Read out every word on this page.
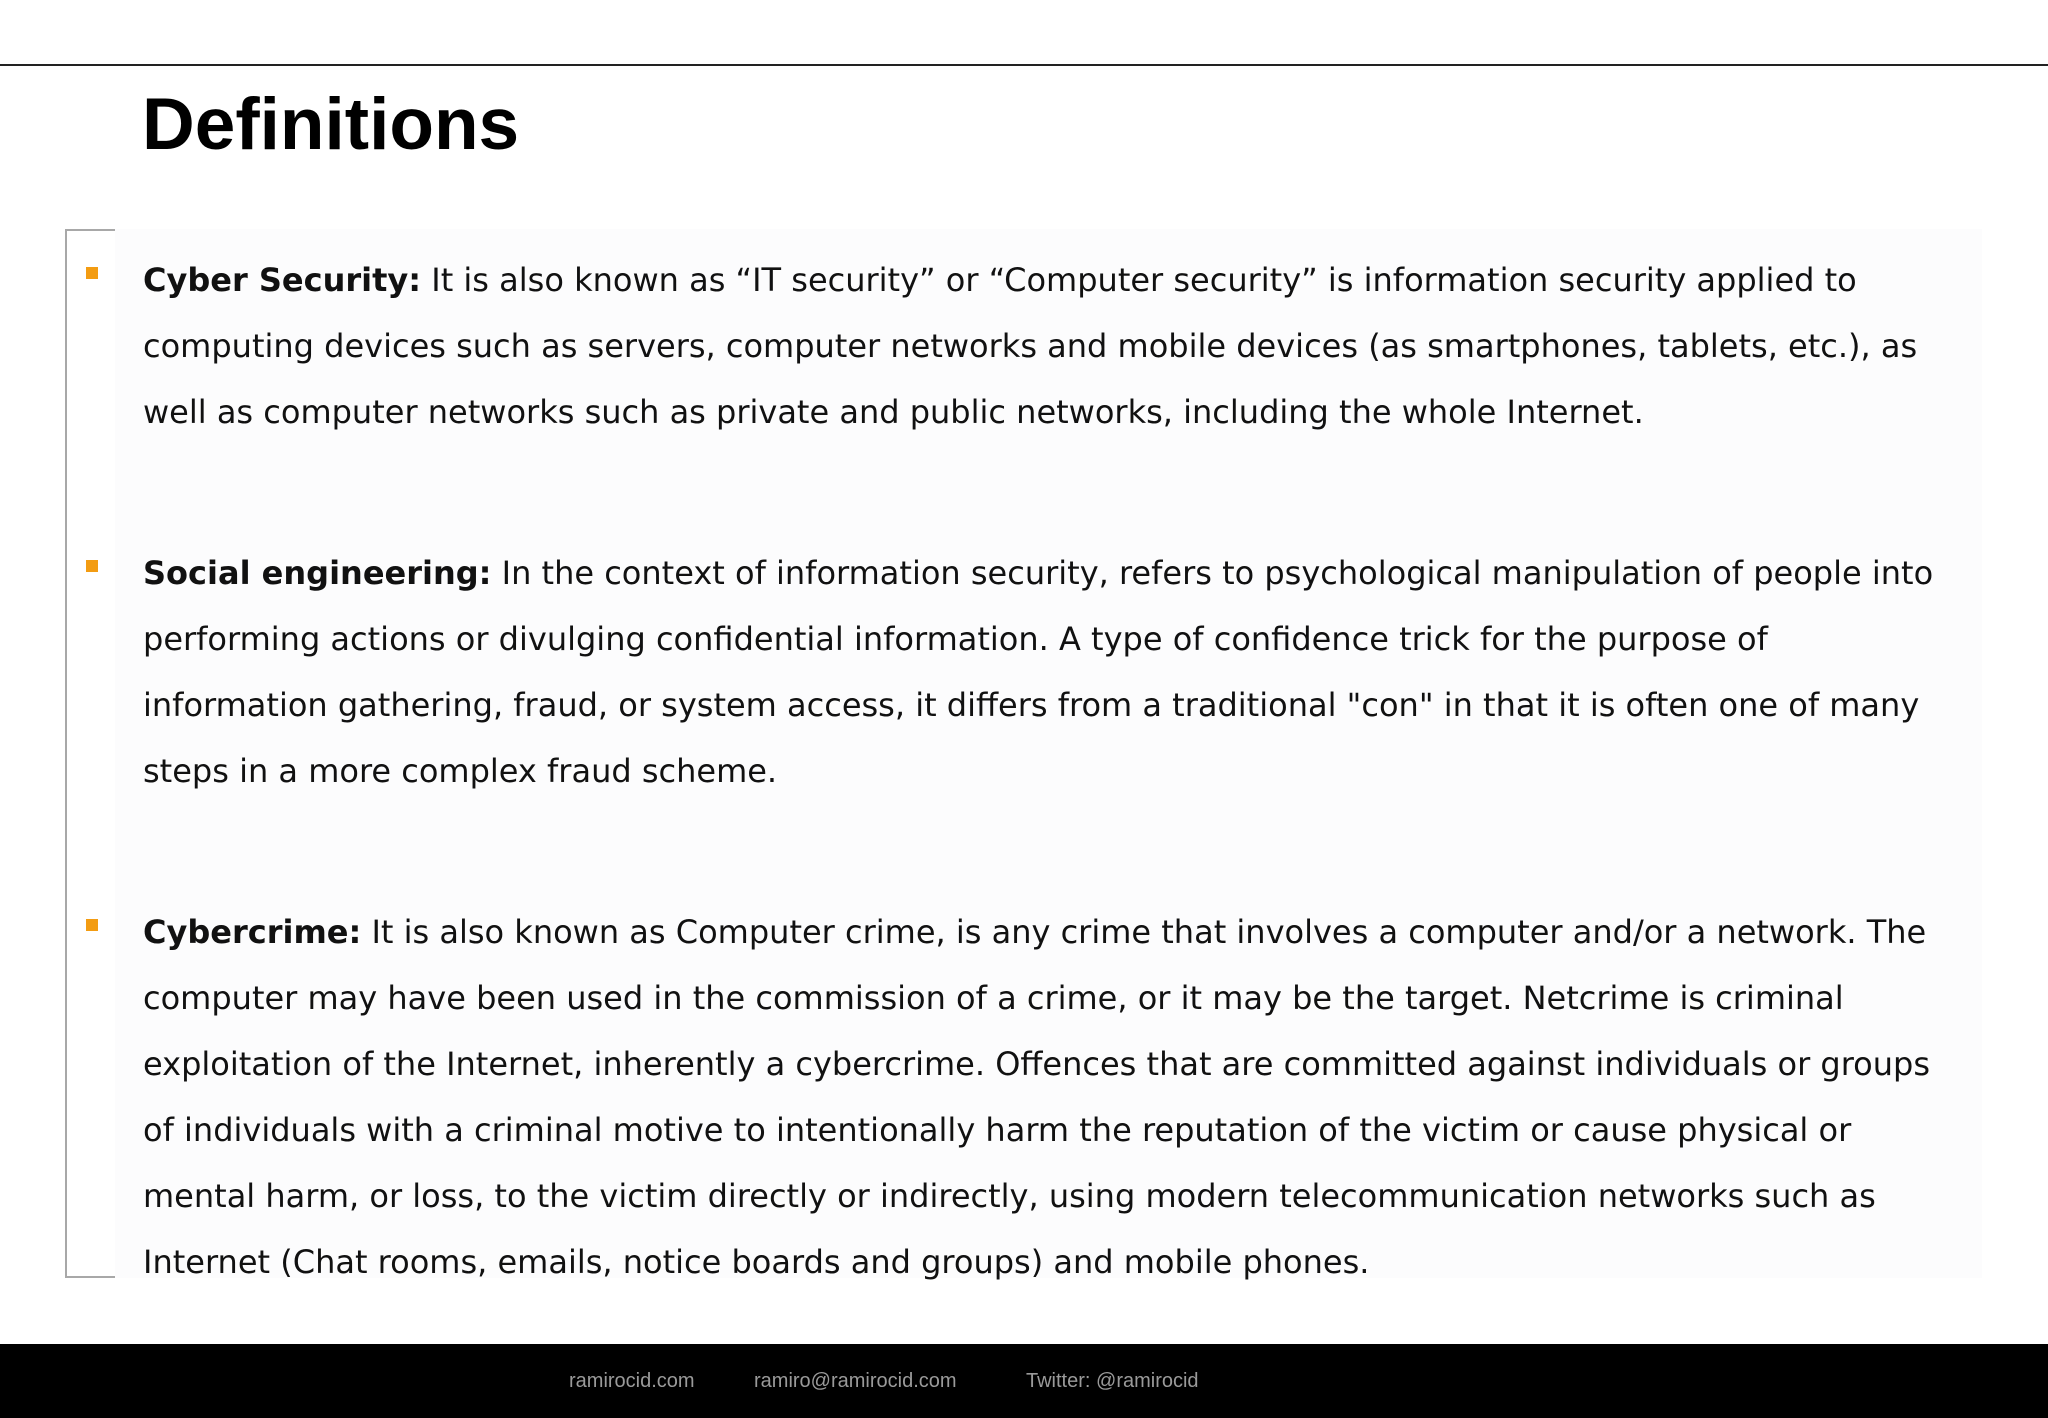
Definitions
Cyber Security: It is also known as “IT security” or “Computer security” is information security applied to computing devices such as servers, computer networks and mobile devices (as smartphones, tablets, etc.), as well as computer networks such as private and public networks, including the whole Internet.
Social engineering: In the context of information security, refers to psychological manipulation of people into performing actions or divulging confidential information. A type of confidence trick for the purpose of information gathering, fraud, or system access, it differs from a traditional "con" in that it is often one of many steps in a more complex fraud scheme.
Cybercrime: It is also known as Computer crime, is any crime that involves a computer and/or a network. The computer may have been used in the commission of a crime, or it may be the target. Netcrime is criminal exploitation of the Internet, inherently a cybercrime. Offences that are committed against individuals or groups of individuals with a criminal motive to intentionally harm the reputation of the victim or cause physical or mental harm, or loss, to the victim directly or indirectly, using modern telecommunication networks such as Internet (Chat rooms, emails, notice boards and groups) and mobile phones.
ramirocid.com	ramiro@ramirocid.com	Twitter: @ramirocid
